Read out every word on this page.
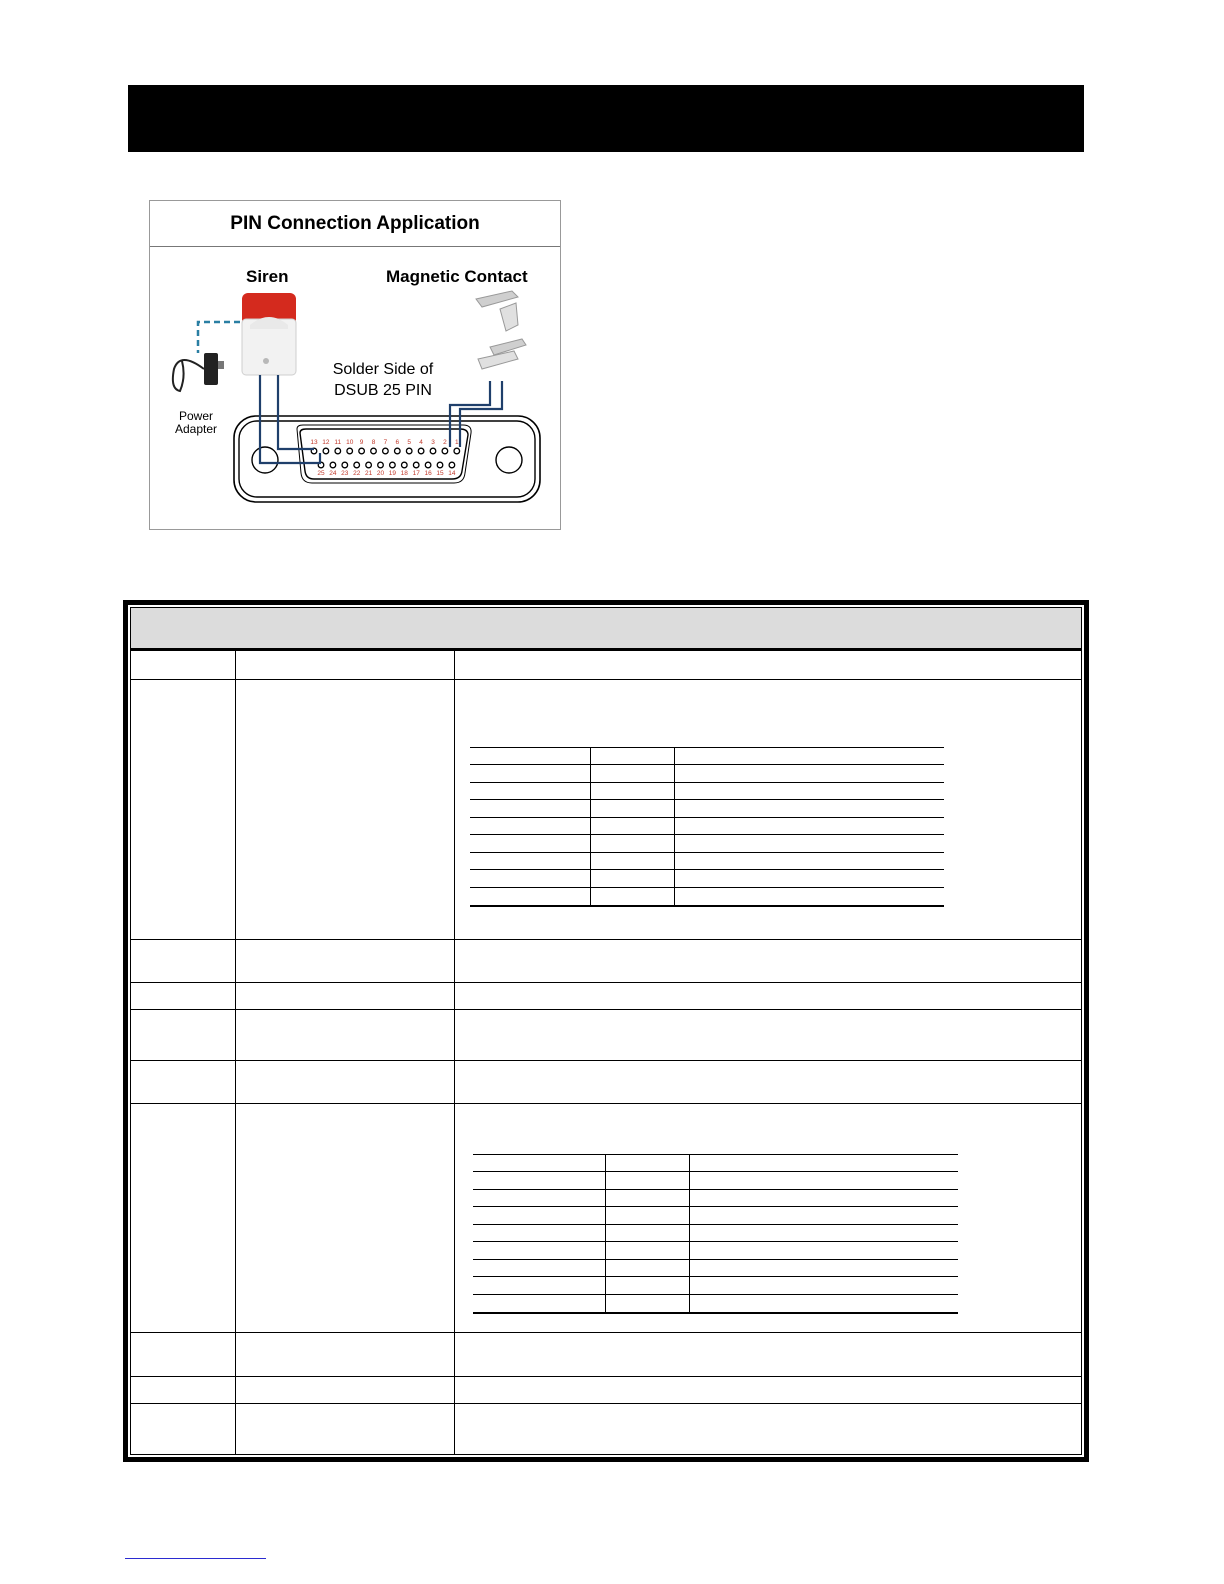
PIN Connection Application
Siren	Magnetic Contact
Solder Side of
DSUB 25 PIN
Power
Adapter
13 12 11 10 9 8 7 6 5 4 3 2 1
25 24 23 22 21 20 19 18 17 16 15 14
